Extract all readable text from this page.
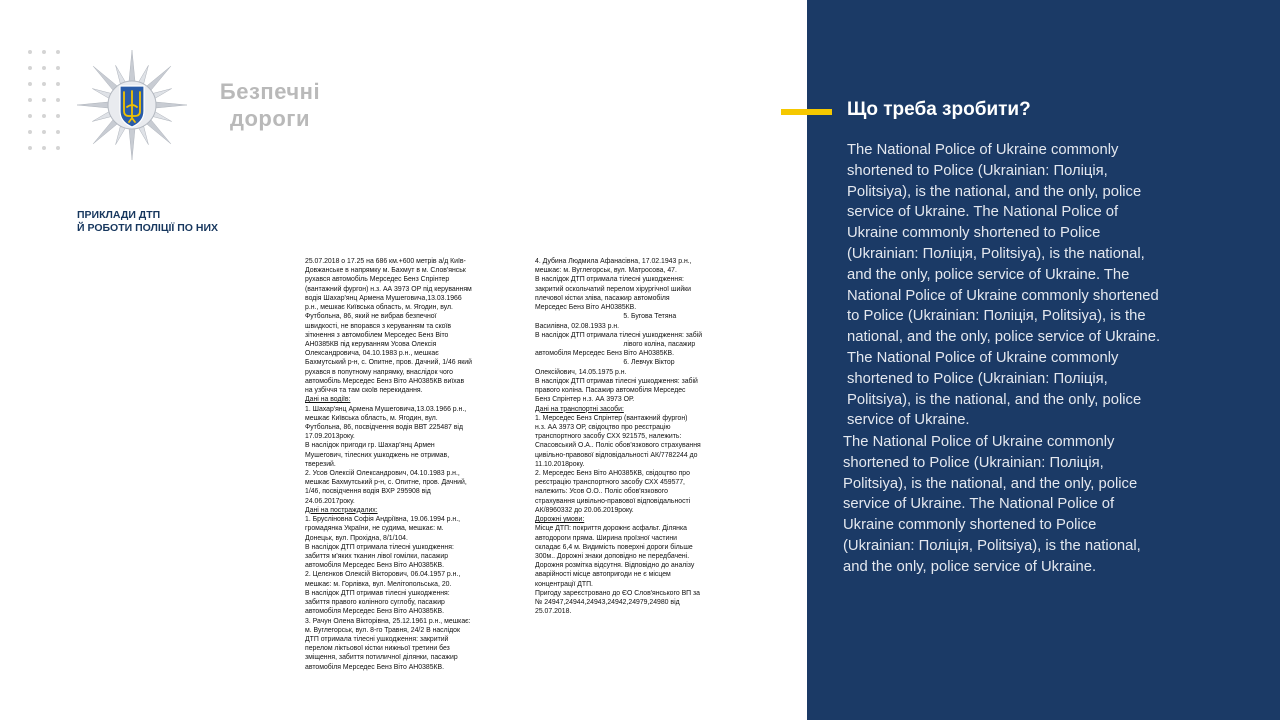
Безпечні
дороги
ПРИКЛАДИ ДТП
Й РОБОТИ ПОЛІЦІЇ ПО НИХ
25.07.2018 о 17.25 на 686 км.+600 метрів а/д Київ-
Довжанське в напрямку м. Бахмут в м. Слов'янськ
рухався автомобіль Мерседес Бенз Спрінтер
(вантажний фургон) н.з. АА 3973 ОР під керуванням
водія Шахар'янц Армена Мушеговича,13.03.1966
р.н., мешкає Київська область, м. Ягодин, вул.
Футбольна, 86, який не вибрав безпечної
швидкості, не впорався з керуванням та скоїв
зіткнення з автомобілем Мерседес Бенз Віто
АН0385КВ під керуванням Усова Олексія
Олександровича, 04.10.1983 р.н., мешкає
Бахмутський р-н, с. Опитне, пров. Дачний, 1/46 який
рухався в попутному напрямку, внаслідок чого
автомобіль Мерседес Бенз Віто АН0385КВ виїхав
на узбіччя та там скоїв перекидання.
Дані на водіїв:
1. Шахар'янц Армена Мушеговича,13.03.1966 р.н.,
мешкає Київська область, м. Ягодин, вул.
Футбольна, 86, посвідчення водія ВВТ 225487 від
17.09.2013року.
В наслідок пригоди гр. Шахар'янц Армен
Мушегович, тілесних ушкоджень не отримав,
тверезий.
2. Усов Олексій Олександрович, 04.10.1983 р.н.,
мешкає Бахмутський р-н, с. Опитне, пров. Дачний,
1/46, посвідчення водія ВХР 295908 від
24.06.2017року.
Дані на постраждалих:
1. Брусліновна Софія Андріївна, 19.06.1994 р.н.,
громадянка України, не судима, мешкає: м.
Донецьк, вул. Прохідна, 8/1/104.
В наслідок ДТП отримала тілесні ушкодження:
забиття м'яких тканин лівої гомілки, пасажир
автомобіля Мерседес Бенз Віто АН0385КВ.
2. Целєнков Олексій Вікторович, 06.04.1957 р.н.,
мешкає: м. Горлівка, вул. Мелітопольська, 20.
В наслідок ДТП отримав тілесні ушкодження:
забиття правого колінного суглобу, пасажир
автомобіля Мерседес Бенз Віто АН0385КВ.
3. Рачун Олена Вікторівна, 25.12.1961 р.н., мешкає:
м. Вуглегорськ, вул. 8-го Травня, 24/2 В наслідок
ДТП отримала тілесні ушкодження: закритий
перелом ліктьової кістки нижньої третини без
зміщення, забиття потиличної ділянки, пасажир
автомобіля Мерседес Бенз Віто АН0385КВ.
4. Дубина Людмила Афанасівна, 17.02.1943 р.н.,
мешкає: м. Вуглегорськ, вул. Матросова, 47.
В наслідок ДТП отримала тілесні ушкодження:
закритий оскольчатий перелом хірургічної шийки
плечової кістки зліва, пасажир автомобіля
Мерседес Бенз Віто АН0385КВ.
5. Бугова Тетяна
Василівна, 02.08.1933 р.н.
В наслідок ДТП отримала тілесні ушкодження: забій
лівого коліна, пасажир
автомобіля Мерседес Бенз Віто АН0385КВ.
6. Левчук Віктор
Олексійович, 14.05.1975 р.н.
В наслідок ДТП отримав тілесні ушкодження: забій
правого коліна. Пасажир автомобіля Мерседес
Бенз Спрінтер н.з. АА 3973 ОР.
Дані на транспортні засоби:
1. Мерседес Бенз Спрінтер (вантажний фургон)
н.з. АА 3973 ОР, свідоцтво про реєстрацію
транспортного засобу СХХ 921575, належить:
Спасовський О.А.. Поліс обов'язкового страхування
цивільно-правової відповідальності АК/7782244 до
11.10.2018року.
2. Мерседес Бенз Віто АН0385КВ, свідоцтво про
реєстрацію транспортного засобу СХХ 459577,
належить: Усов О.О.. Поліс обов'язкового
страхування цивільно-правової відповідальності
АК/8960332 до 20.06.2019року.
Дорожні умови:
Місце ДТП: покриття дорожнє асфальт. Ділянка
автодороги пряма. Ширина проїзної частини
складає 6,4 м. Видимість поверхні дороги більше
300м.. Дорожні знаки доповідно не передбачені.
Дорожня розмітка відсутня. Відповідно до аналізу
аварійності місце автопригоди не є місцем
концентрації ДТП.
Пригоду зареєстровано до ЄО Слов'янського ВП за
№ 24947,24944,24943,24942,24979,24980 від
25.07.2018.
Що треба зробити?
The National Police of Ukraine commonly
shortened to Police (Ukrainian: Поліція,
Politsiya), is the national, and the only, police
service of Ukraine. The National Police of
Ukraine commonly shortened to Police
(Ukrainian: Поліція, Politsiya), is the national,
and the only, police service of Ukraine. The
National Police of Ukraine commonly shortened
to Police (Ukrainian: Поліція, Politsiya), is the
national, and the only, police service of Ukraine.
The National Police of Ukraine commonly
shortened to Police (Ukrainian: Поліція,
Politsiya), is the national, and the only, police
service of Ukraine.
The National Police of Ukraine commonly
shortened to Police (Ukrainian: Поліція,
Politsiya), is the national, and the only, police
service of Ukraine. The National Police of
Ukraine commonly shortened to Police
(Ukrainian: Поліція, Politsiya), is the national,
and the only, police service of Ukraine.
